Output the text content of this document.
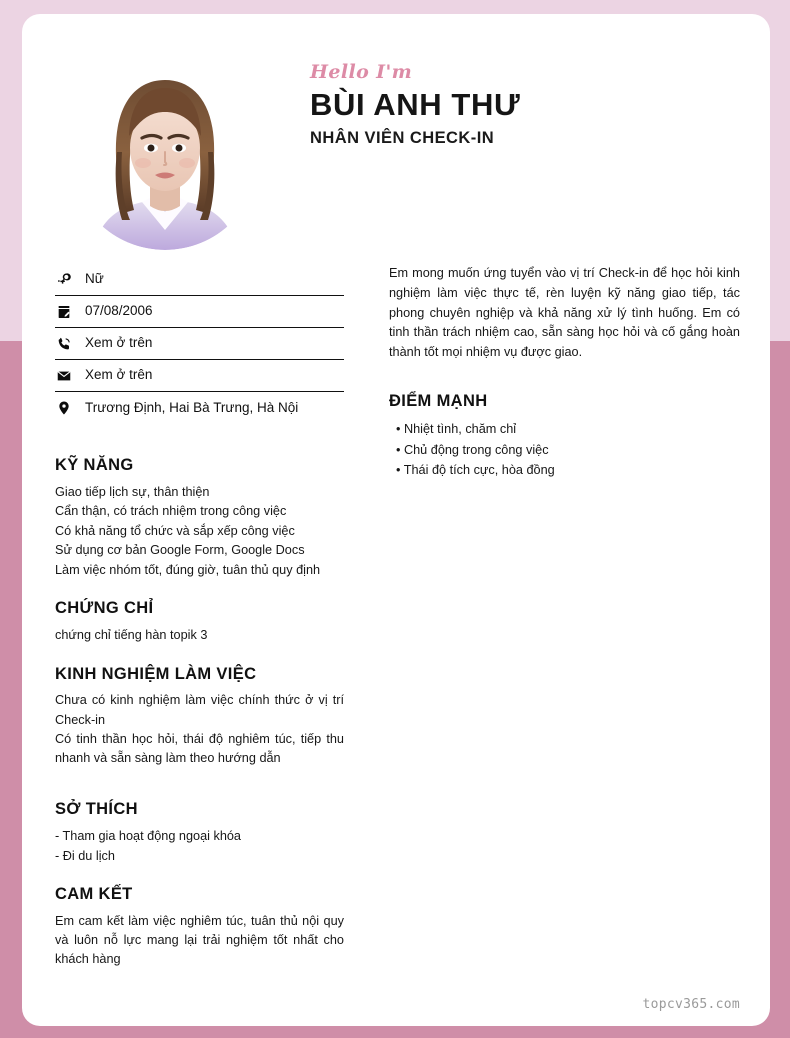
Hello I'm
BÙI ANH THƯ
NHÂN VIÊN CHECK-IN
Nữ
07/08/2006
Xem ở trên
Xem ở trên
Trương Định, Hai Bà Trưng, Hà Nội
KỸ NĂNG
Giao tiếp lịch sự, thân thiện
Cẩn thận, có trách nhiệm trong công việc
Có khả năng tổ chức và sắp xếp công việc
Sử dụng cơ bản Google Form, Google Docs
Làm việc nhóm tốt, đúng giờ, tuân thủ quy định
CHỨNG CHỈ
chứng chỉ tiếng hàn topik 3
KINH NGHIỆM LÀM VIỆC
Chưa có kinh nghiệm làm việc chính thức ở vị trí Check-in
Có tinh thần học hỏi, thái độ nghiêm túc, tiếp thu nhanh và sẵn sàng làm theo hướng dẫn
SỞ THÍCH
- Tham gia hoạt động ngoại khóa
- Đi du lịch
CAM KẾT
Em cam kết làm việc nghiêm túc, tuân thủ nội quy và luôn nỗ lực mang lại trải nghiệm tốt nhất cho khách hàng
Em mong muốn ứng tuyển vào vị trí Check-in để học hỏi kinh nghiệm làm việc thực tế, rèn luyện kỹ năng giao tiếp, tác phong chuyên nghiệp và khả năng xử lý tình huống. Em có tinh thần trách nhiệm cao, sẵn sàng học hỏi và cố gắng hoàn thành tốt mọi nhiệm vụ được giao.
ĐIỂM MẠNH
• Nhiệt tình, chăm chỉ
• Chủ động trong công việc
• Thái độ tích cực, hòa đồng
topcv365.com
